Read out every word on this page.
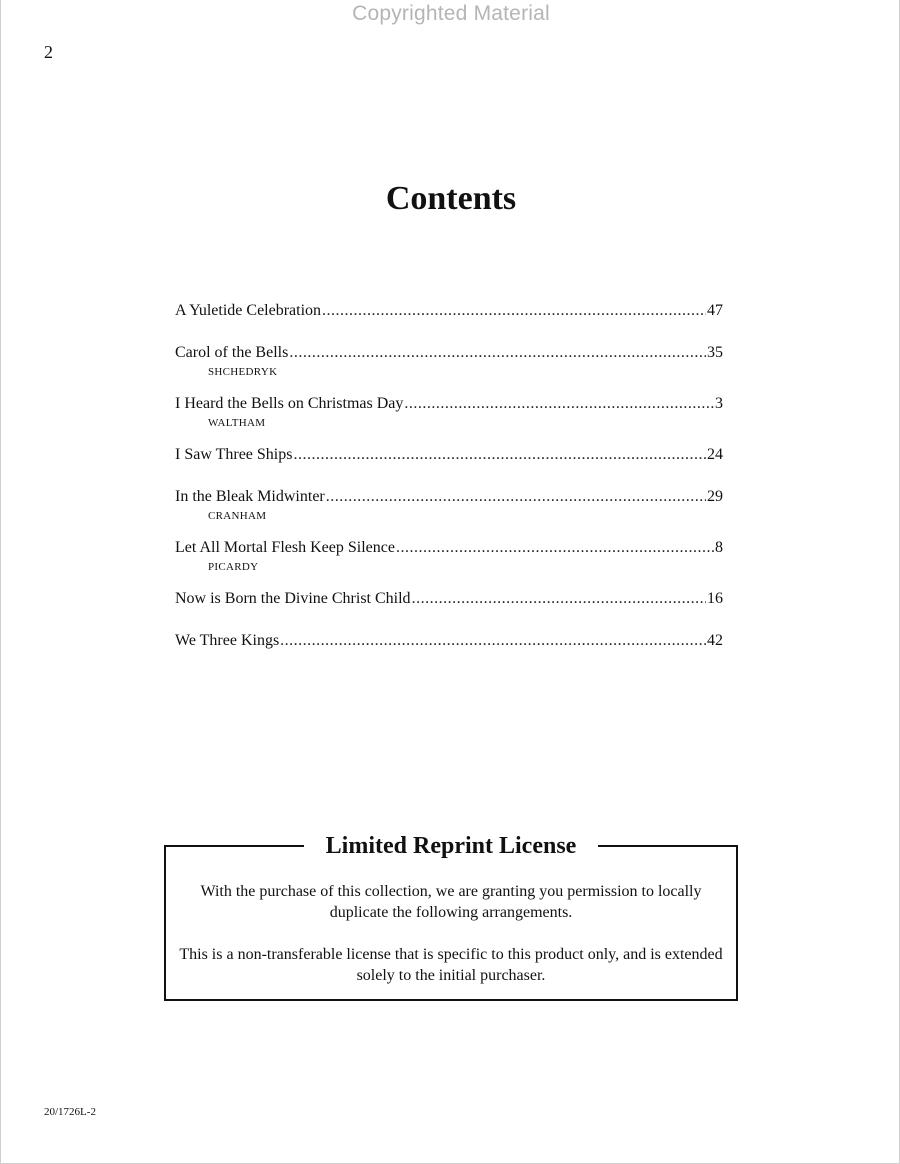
Copyrighted Material
2
Contents
A Yuletide Celebration .....	47
Carol of the Bells .....	35
SHCHEDRYK
I Heard the Bells on Christmas Day .....	3
WALTHAM
I Saw Three Ships .....	24
In the Bleak Midwinter .....	29
CRANHAM
Let All Mortal Flesh Keep Silence .....	8
PICARDY
Now is Born the Divine Christ Child .....	16
We Three Kings .....	42
Limited Reprint License

With the purchase of this collection, we are granting you permission to locally duplicate the following arrangements.

This is a non-transferable license that is specific to this product only, and is extended solely to the initial purchaser.

20/1726L-2
